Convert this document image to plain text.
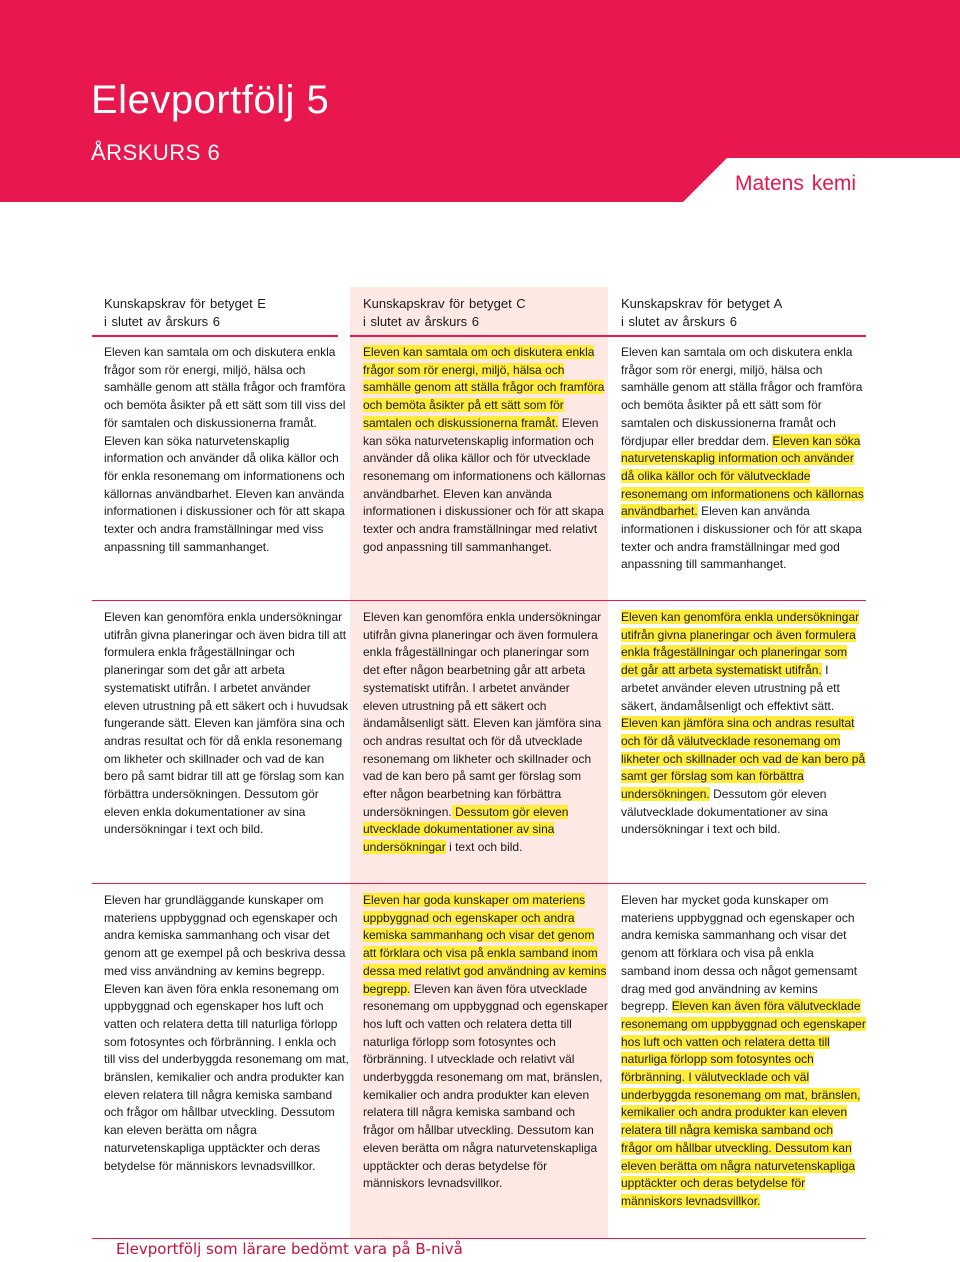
Elevportfölj 5
ÅRSKURS 6
Matens kemi
Kunskapskrav för betyget E
i slutet av årskurs 6
Kunskapskrav för betyget C
i slutet av årskurs 6
Kunskapskrav för betyget A
i slutet av årskurs 6
Eleven kan samtala om och diskutera enkla frågor som rör energi, miljö, hälsa och samhälle genom att ställa frågor och framföra och bemöta åsikter på ett sätt som till viss del för samtalen och diskussionerna framåt. Eleven kan söka naturvetenskaplig information och använder då olika källor och för enkla resonemang om informationens och källornas användbarhet. Eleven kan använda informationen i diskussioner och för att skapa texter och andra framställningar med viss anpassning till sammanhanget.
Eleven kan genomföra enkla undersökningar utifrån givna planeringar och även bidra till att formulera enkla frågeställningar och planeringar som det går att arbeta systematiskt utifrån. I arbetet använder eleven utrustning på ett säkert och i huvudsak fungerande sätt. Eleven kan jämföra sina och andras resultat och för då enkla resonemang om likheter och skillnader och vad de kan bero på samt bidrar till att ge förslag som kan förbättra undersökningen. Dessutom gör eleven enkla dokumentationer av sina undersökningar i text och bild.
Eleven har grundläggande kunskaper om materiens uppbyggnad och egenskaper och andra kemiska sammanhang och visar det genom att ge exempel på och beskriva dessa med viss användning av kemins begrepp. Eleven kan även föra enkla resonemang om uppbyggnad och egenskaper hos luft och vatten och relatera detta till naturliga förlopp som fotosyntes och förbränning. I enkla och till viss del underbyggda resonemang om mat, bränslen, kemikalier och andra produkter kan eleven relatera till några kemiska samband och frågor om hållbar utveckling. Dessutom kan eleven berätta om några naturvetenskapliga upptäckter och deras betydelse för människors levnadsvillkor.
Eleven kan samtala om och diskutera enkla frågor som rör energi, miljö, hälsa och samhälle genom att ställa frågor och framföra och bemöta åsikter på ett sätt som för samtalen och diskussionerna framåt. Eleven kan söka naturvetenskaplig information och använder då olika källor och för utvecklade resonemang om informationens och källornas användbarhet. Eleven kan använda informationen i diskussioner och för att skapa texter och andra framställningar med relativt god anpassning till sammanhanget.
Eleven kan genomföra enkla undersökningar utifrån givna planeringar och även formulera enkla frågeställningar och planeringar som det efter någon bearbetning går att arbeta systematiskt utifrån. I arbetet använder eleven utrustning på ett säkert och ändamålsenligt sätt. Eleven kan jämföra sina och andras resultat och för då utvecklade resonemang om likheter och skillnader och vad de kan bero på samt ger förslag som efter någon bearbetning kan förbättra undersökningen. Dessutom gör eleven utvecklade dokumentationer av sina undersökningar i text och bild.
Eleven har goda kunskaper om materiens uppbyggnad och egenskaper och andra kemiska sammanhang och visar det genom att förklara och visa på enkla samband inom dessa med relativt god användning av kemins begrepp. Eleven kan även föra utvecklade resonemang om uppbyggnad och egenskaper hos luft och vatten och relatera detta till naturliga förlopp som fotosyntes och förbränning. I utvecklade och relativt väl underbyggda resonemang om mat, bränslen, kemikalier och andra produkter kan eleven relatera till några kemiska samband och frågor om hållbar utveckling. Dessutom kan eleven berätta om några naturvetenskapliga upptäckter och deras betydelse för människors levnadsvillkor.
Eleven kan samtala om och diskutera enkla frågor som rör energi, miljö, hälsa och samhälle genom att ställa frågor och framföra och bemöta åsikter på ett sätt som för samtalen och diskussionerna framåt och fördjupar eller breddar dem. Eleven kan söka naturvetenskaplig information och använder då olika källor och för välutvecklade resonemang om informationens och källornas användbarhet. Eleven kan använda informationen i diskussioner och för att skapa texter och andra framställningar med god anpassning till sammanhanget.
Eleven kan genomföra enkla undersökningar utifrån givna planeringar och även formulera enkla frågeställningar och planeringar som det går att arbeta systematiskt utifrån. I arbetet använder eleven utrustning på ett säkert, ändamålsenligt och effektivt sätt. Eleven kan jämföra sina och andras resultat och för då välutvecklade resonemang om likheter och skillnader och vad de kan bero på samt ger förslag som kan förbättra undersökningen. Dessutom gör eleven välutvecklade dokumentationer av sina undersökningar i text och bild.
Eleven har mycket goda kunskaper om materiens uppbyggnad och egenskaper och andra kemiska sammanhang och visar det genom att förklara och visa på enkla samband inom dessa och något gemensamt drag med god användning av kemins begrepp. Eleven kan även föra välutvecklade resonemang om uppbyggnad och egenskaper hos luft och vatten och relatera detta till naturliga förlopp som fotosyntes och förbränning. I välutvecklade och väl underbyggda resonemang om mat, bränslen, kemikalier och andra produkter kan eleven relatera till några kemiska samband och frågor om hållbar utveckling. Dessutom kan eleven berätta om några naturvetenskapliga upptäckter och deras betydelse för människors levnadsvillkor.
Elevportfölj som lärare bedömt vara på B-nivå
